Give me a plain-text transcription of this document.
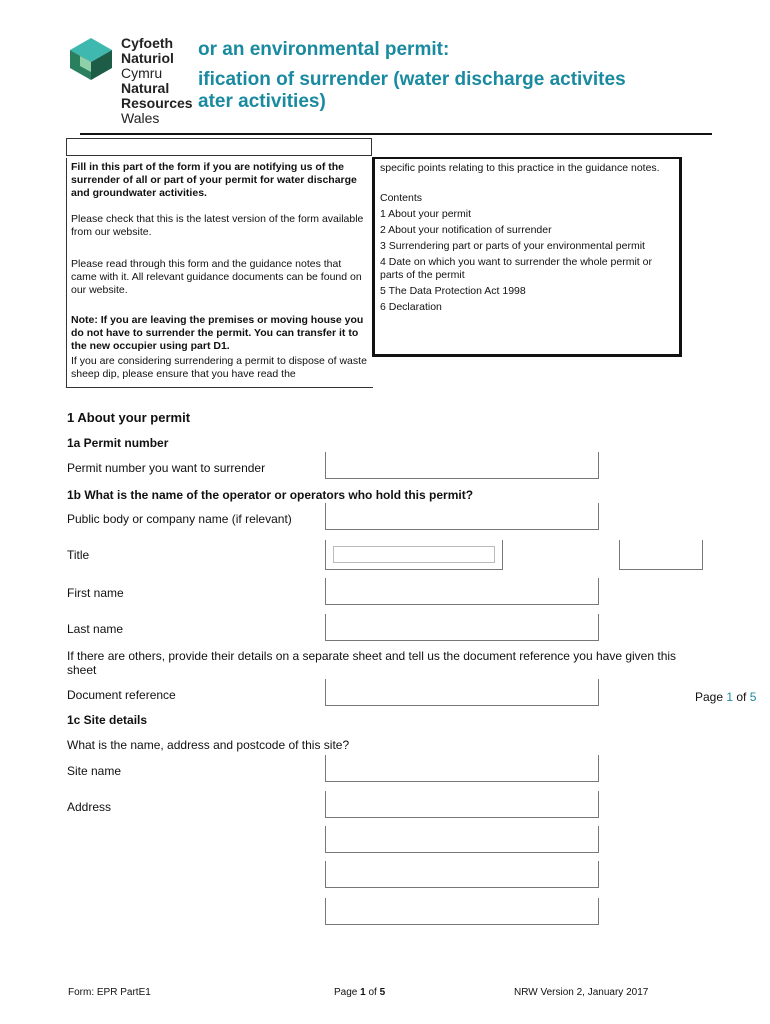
Cyfoeth
Naturiol
Cymru
Natural
Resources
Wales
or an environmental permit:
ification of surrender (water discharge activites
ater activities)
Fill in this part of the form if you are notifying us of the surrender of all or part of your permit for water discharge and groundwater activities.
Please check that this is the latest version of the form available from our website.
Please read through this form and the guidance notes that came with it. All relevant guidance documents can be found on our website.
Note: If you are leaving the premises or moving house you do not have to surrender the permit. You can transfer it to the new occupier using part D1.
If you are considering surrendering a permit to dispose of waste sheep dip, please ensure that you have read the
specific points relating to this practice in the guidance notes.
Contents
1 About your permit
2 About your notification of surrender
3 Surrendering part or parts of your environmental permit
4 Date on which you want to surrender the whole permit or parts of the permit
5 The Data Protection Act 1998
6 Declaration
1 About your permit
1a Permit number
Permit number you want to surrender
1b What is the name of the operator or operators who hold this permit?
Public body or company name (if relevant)
Title
First name
Last name
If there are others, provide their details on a separate sheet and tell us the document reference you have given this sheet
Document reference	Page 1 of 5
1c Site details
What is the name, address and postcode of this site?
Site name
Address
Form: EPR PartE1	Page 1 of 5	NRW Version 2, January 2017
